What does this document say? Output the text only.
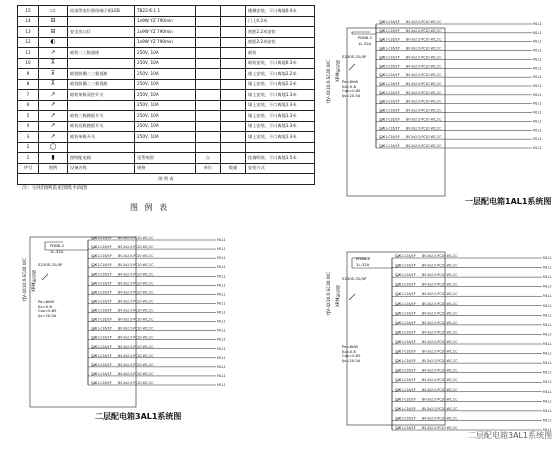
15	▭	局部等电位联结端子板LEB	TB22-6-1 1			楼梯安装，下口离地0.4米
14	⊟		1x9W YZ 790min			门上0.2米
13	⊟	安全出口灯	1x9W YZ 790min			底距2.2米安装
12	◐		1x9W YZ 790min			底距2.2米安装
11	↗	暗装二三极插座	250V, 10A			暗装
10	⊼		250V, 10A			暗装安装，下口离地0.3米
9	⊼	暗装防溅二三极插座	250V, 10A			墙上安装，下口离地2.2米
8	⊼	暗装防溅二三极插座	250V, 10A			墙上安装，下口离地2.2米
7	↗	暗装单极双控开关	250V, 10A			墙上安装，下口离地1.3米
6	↗		250V, 10A			墙上安装，下口离地1.3米
5	↗	暗装三极跷板开关	250V, 10A			墙上安装，下口离地1.3米
4	↗	暗装双极跷板开关	250V, 10A			墙上安装，下口离地1.3米
3	↗	暗装单极开关	250V, 10A			墙上安装，下口离地1.3米
2	◯					
1	▮	照明配电箱	见系统图	台		挂墙明装，下口离地1.5米
序号	图例	设备名称	规格	单位	数量	安装方式
图 例 表						
注：引用图例表见图纸平面图
图 例 表
S261-C16/1P BV-3x2.5-PC20 WC,CC	M1L1
S261-C16/1P BV-3x2.5-PC20 WC,CC	M1L1
S261-C16/1P BV-3x2.5-PC20 WC,CC	M1L1
S261-C16/1P BV-3x2.5-PC20 WC,CC	M1L1
S261-C16/1P BV-3x2.5-PC20 WC,CC	M1L1
S261-C16/1P BV-3x2.5-PC20 WC,CC	M1L1
S261-C16/1P BV-3x2.5-PC20 WC,CC	M1L1
S261-C16/1P BV-3x2.5-PC20 WC,CC	M1L1
S261-C16/1P BV-3x2.5-PC20 WC,CC	M1L1
S261-C16/1P BV-3x2.5-PC20 WC,CC	M1L1
S261-C16/1P BV-3x2.5-PC20 WC,CC	M1L1
S261-C16/1P BV-3x2.5-PC20 WC,CC	M1L1
S261-C16/1P BV-3x2.5-PC20 WC,CC	M1L1
S261-C16/1P BV-3x2.5-PC20 WC,CC	M1L1
S261-C16/1P BV-3x2.5-PC20 WC,CC	M1L1
S261-C16/1P BV-3x2.5-PC20 WC,CC	M1L1
S261-C16/1P BV-3x2.5-PC20 WC,CC	M1L1
S261-C16/1P BV-3x2.5-PC20 WC,CC	M1L1
S261-C16/1P BV-3x2.5-PC20 WC,CC	M1L1
S261-C16/1P BV-3x2.5-PC20 WC,CC	M1L1
S261-C16/1P BV-3x2.5-PC20 WC,CC	M1L1
S261-C16/1P BV-3x2.5-PC20 WC,CC	M1L1
S261-C16/1P BV-3x2.5-PC20 WC,CC	M1L1
S261-C16/1P BV-3x2.5-PC20 WC,CC	M1L1
S261-C16/1P BV-3x2.5-PC20 WC,CC	M1L1
S261-C16/1P BV-3x2.5-PC20 WC,CC	M1L1
S261-C16/1P BV-3x2.5-PC20 WC,CC	M1L1
S261-C16/1P BV-3x2.5-PC20 WC,CC	M1L1
S261-C16/1P BV-3x2.5-PC20 WC,CC	M1L1
S261-C16/1P BV-3x2.5-PC20 WC,CC	M1L1
S261-C16/1P BV-3x2.5-PC20 WC,CC	M1L1
S261-C16/1P BV-3x2.5-PC20 WC,CC	M1L1
S261-C16/1P BV-3x2.5-PC20 WC,CC	M1L1
S261-C16/1P BV-3x2.5-PC20 WC,CC	M1L1
S261-C16/1P BV-3x2.5-PC20 WC,CC	M1L1
S261-C16/1P BV-3x2.5-PC20 WC,CC	M1L1
S261-C16/1P BV-3x2.5-PC20 WC,CC	M1L1
S261-C16/1P BV-3x2.5-PC20 WC,CC	M1L1
S261-C16/1P BV-3x2.5-PC20 WC,CC	M1L1
S261-C16/1P BV-3x2.5-PC20 WC,CC	M1L1
S261-C16/1P BV-3x2.5-PC20 WC,CC	M1L1
S261-C16/1P BV-3x2.5-PC20 WC,CC	M1L1
S261-C16/1P BV-3x2.5-PC20 WC,CC	M1L1
S261-C16/1P BV-3x2.5-PC20 WC,CC	M1L1
S261-C16/1P BV-3x2.5-PC20 WC,CC	M1L1
S261-C16/1P BV-3x2.5-PC20 WC,CC	M1L1
S261-C16/1P BV-3x2.5-PC20 WC,CC	M1L1
S261-C16/1P BV-3x2.5-PC20 WC,CC	M1L1
S261-C16/1P BV-3x2.5-PC20 WC,CC	M1L1
S261-C16/1P BV-3x2.5-PC20 WC,CC	M1L1
S261-C16/1P BV-3x2.5-PC20 WC,CC	M1L1
一层配电箱1AL1系统图
二层配电箱3AL1系统图
二层配电箱3AL1系统图
YJV-4X10.0-SC40 WC XRM配电箱
YJV-4X10.0-SC40 WC XRM配电箱	YJV-4X10.0-SC40 WC XRM配电箱
PDB8-2
1L-32A
S250S-32/4P
Pe=8kW
Kx=0.8
Cos=0.85
Ijs=20.5A
PDB8-2
1L-32A
S250S-32/4P
Pe=8kW
Kx=0.8
Cos=0.85
Ijs=20.5A
PDB8-2
1L-32A
S250S-32/4P
Pe=8kW
Kx=0.8
Cos=0.85
Ijs=20.5A
